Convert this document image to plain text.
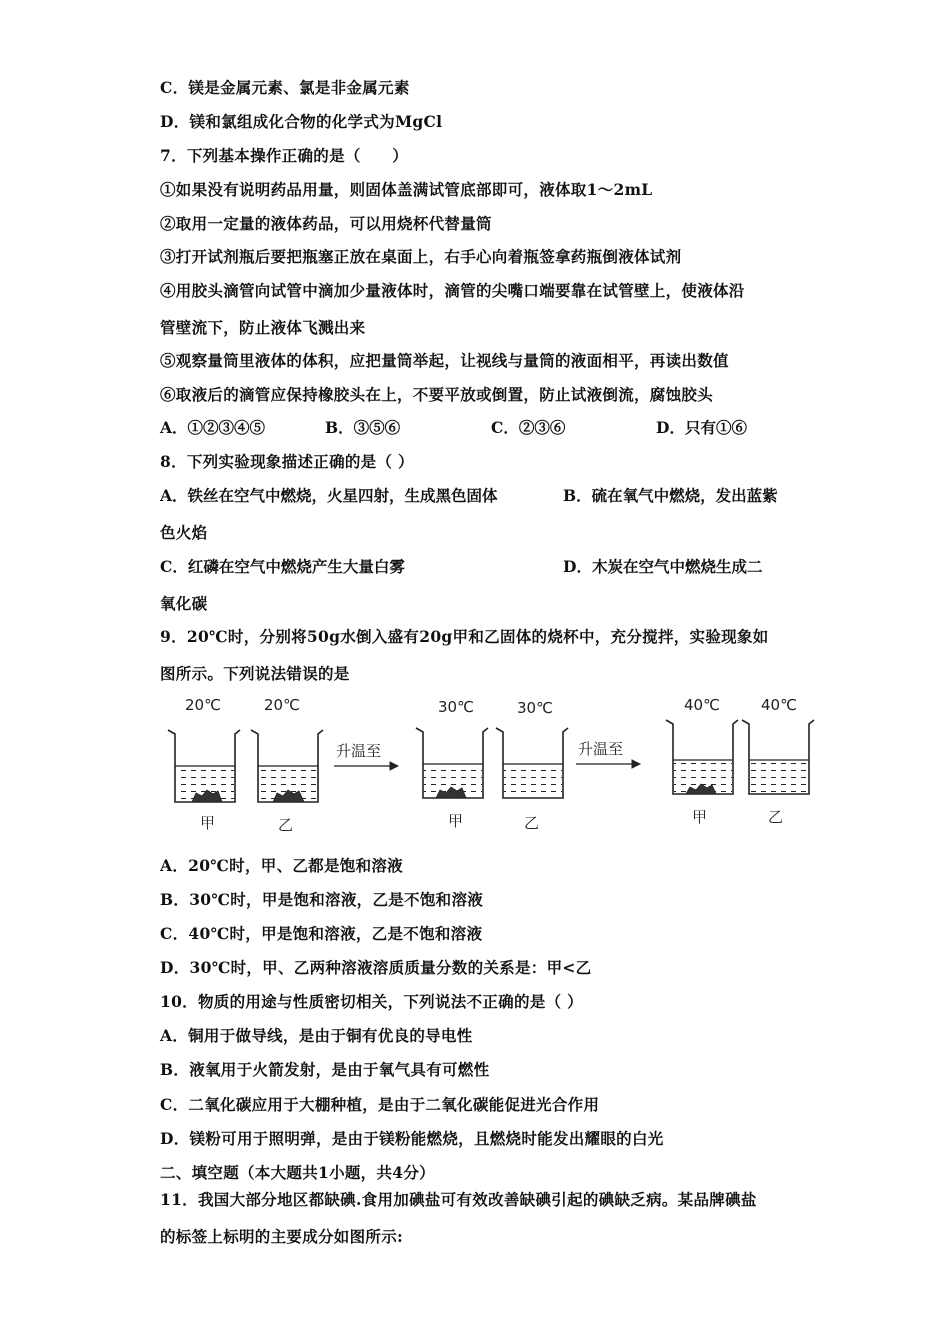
C．镁是金属元素、氯是非金属元素
D．镁和氯组成化合物的化学式为MgCl
7．下列基本操作正确的是（　　）
①如果没有说明药品用量，则固体盖满试管底部即可，液体取1～2mL
②取用一定量的液体药品，可以用烧杯代替量筒
③打开试剂瓶后要把瓶塞正放在桌面上，右手心向着瓶签拿药瓶倒液体试剂
④用胶头滴管向试管中滴加少量液体时，滴管的尖嘴口端要靠在试管壁上，使液体沿
管壁流下，防止液体飞溅出来
⑤观察量筒里液体的体积，应把量筒举起，让视线与量筒的液面相平，再读出数值
⑥取液后的滴管应保持橡胶头在上，不要平放或倒置，防止试液倒流，腐蚀胶头
A．①②③④⑤	B．③⑤⑥	C．②③⑥	D．只有①⑥
8．下列实验现象描述正确的是（ ）
A．铁丝在空气中燃烧，火星四射，生成黑色固体	B．硫在氧气中燃烧，发出蓝紫
色火焰
C．红磷在空气中燃烧产生大量白雾	D．木炭在空气中燃烧生成二
氧化碳
9．20℃时，分别将50g水倒入盛有20g甲和乙固体的烧杯中，充分搅拌，实验现象如
图所示。下列说法错误的是
20℃	20℃	30℃	30℃	40℃	40℃
升温至	升温至
甲	乙	甲	乙	甲	乙
A．20℃时，甲、乙都是饱和溶液
B．30℃时，甲是饱和溶液，乙是不饱和溶液
C．40℃时，甲是饱和溶液，乙是不饱和溶液
D．30℃时，甲、乙两种溶液溶质质量分数的关系是：甲<乙
10．物质的用途与性质密切相关，下列说法不正确的是（ ）
A．铜用于做导线，是由于铜有优良的导电性
B．液氧用于火箭发射，是由于氧气具有可燃性
C．二氧化碳应用于大棚种植，是由于二氧化碳能促进光合作用
D．镁粉可用于照明弹，是由于镁粉能燃烧，且燃烧时能发出耀眼的白光
二、填空题（本大题共1小题，共4分）
11．我国大部分地区都缺碘.食用加碘盐可有效改善缺碘引起的碘缺乏病。某品牌碘盐
的标签上标明的主要成分如图所示:
